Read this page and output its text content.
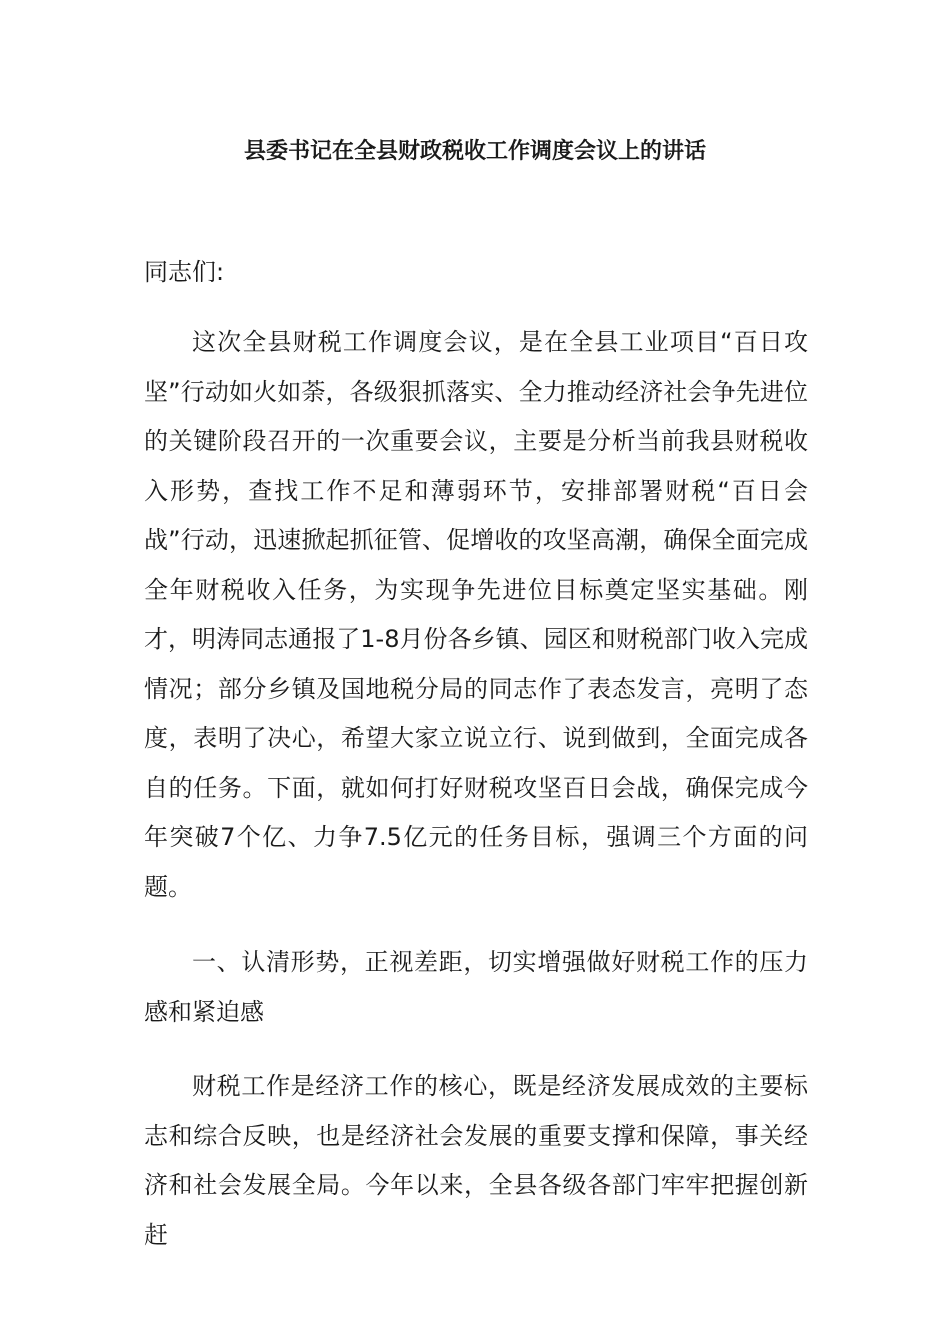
县委书记在全县财政税收工作调度会议上的讲话
同志们:

这次全县财税工作调度会议，是在全县工业项目“百日攻坚”行动如火如荼，各级狠抓落实、全力推动经济社会争先进位的关键阶段召开的一次重要会议，主要是分析当前我县财税收入形势，查找工作不足和薄弱环节，安排部署财税“百日会战”行动，迅速掀起抓征管、促增收的攻坚高潮，确保全面完成全年财税收入任务，为实现争先进位目标奠定坚实基础。刚才，明涛同志通报了1-8月份各乡镇、园区和财税部门收入完成情况；部分乡镇及国地税分局的同志作了表态发言，亮明了态度，表明了决心，希望大家立说立行、说到做到，全面完成各自的任务。下面，就如何打好财税攻坚百日会战，确保完成今年突破7个亿、力争7.5亿元的任务目标，强调三个方面的问题。

一、认清形势，正视差距，切实增强做好财税工作的压力感和紧迫感

财税工作是经济工作的核心，既是经济发展成效的主要标志和综合反映，也是经济社会发展的重要支撑和保障，事关经济和社会发展全局。今年以来，全县各级各部门牢牢把握创新赶
